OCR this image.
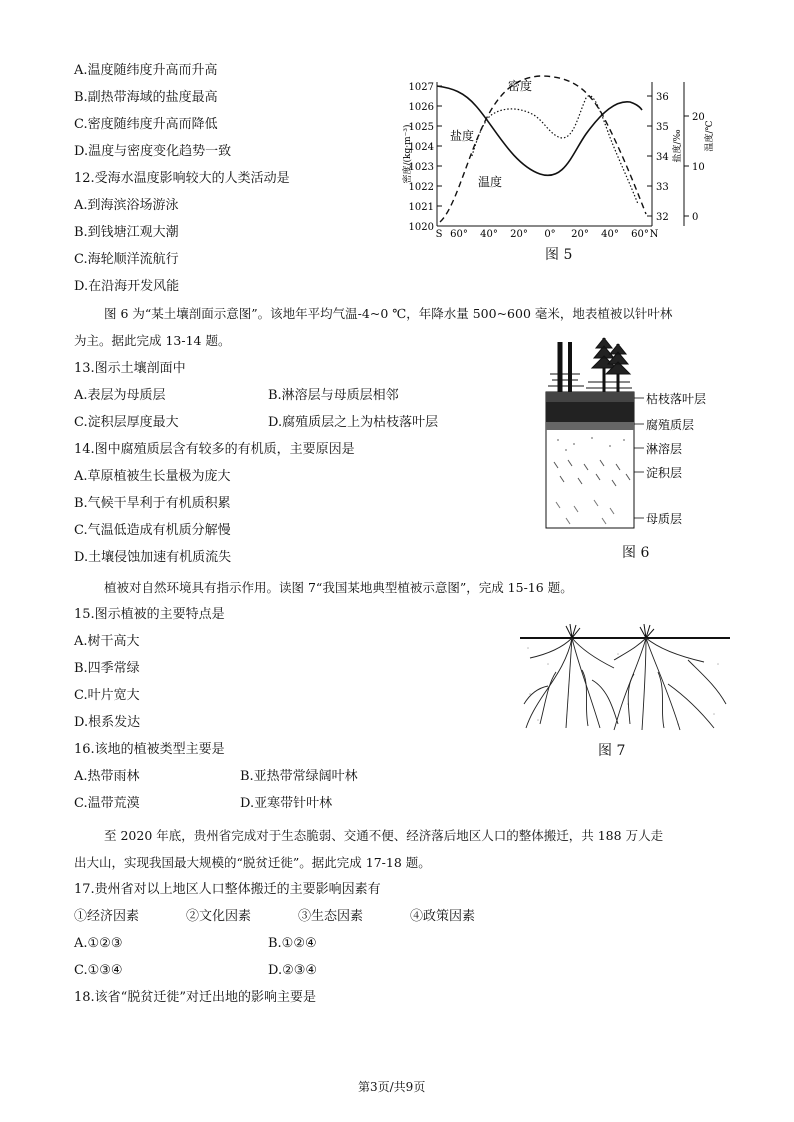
A.温度随纬度升高而升高
B.副热带海域的盐度最高
C.密度随纬度升高而降低
D.温度与密度变化趋势一致
12.受海水温度影响较大的人类活动是
A.到海滨浴场游泳
B.到钱塘江观大潮
C.海轮顺洋流航行
D.在沿海开发风能
1027
1026
1025
1024
1023
1022
1021
1020
36
35
34
33
32
20
10
0
密度/(kg·m⁻³)	盐度/‰ 温度/℃
S 60° 40° 20° 0° 20° 40° 60° N
密度
盐度
温度
图 5
图 6 为“某土壤剖面示意图”。该地年平均气温-4~0 ℃，年降水量 500~600 毫米，地表植被以针叶林
为主。据此完成 13-14 题。
13.图示土壤剖面中
A.表层为母质层	B.淋溶层与母质层相邻
C.淀积层厚度最大	D.腐殖质层之上为枯枝落叶层
14.图中腐殖质层含有较多的有机质，主要原因是
A.草原植被生长量极为庞大
B.气候干旱利于有机质积累
C.气温低造成有机质分解慢
D.土壤侵蚀加速有机质流失
枯枝落叶层
腐殖质层
淋溶层
淀积层
母质层
图 6
植被对自然环境具有指示作用。读图 7“我国某地典型植被示意图”，完成 15-16 题。
15.图示植被的主要特点是
A.树干高大
B.四季常绿
C.叶片宽大
D.根系发达
16.该地的植被类型主要是
A.热带雨林	B.亚热带常绿阔叶林
C.温带荒漠	D.亚寒带针叶林
图 7
至 2020 年底，贵州省完成对于生态脆弱、交通不便、经济落后地区人口的整体搬迁，共 188 万人走
出大山，实现我国最大规模的“脱贫迁徙”。据此完成 17-18 题。
17.贵州省对以上地区人口整体搬迁的主要影响因素有
①经济因素	②文化因素	③生态因素	④政策因素
A.①②③	B.①②④
C.①③④	D.②③④
18.该省“脱贫迁徙”对迁出地的影响主要是
第3页/共9页
